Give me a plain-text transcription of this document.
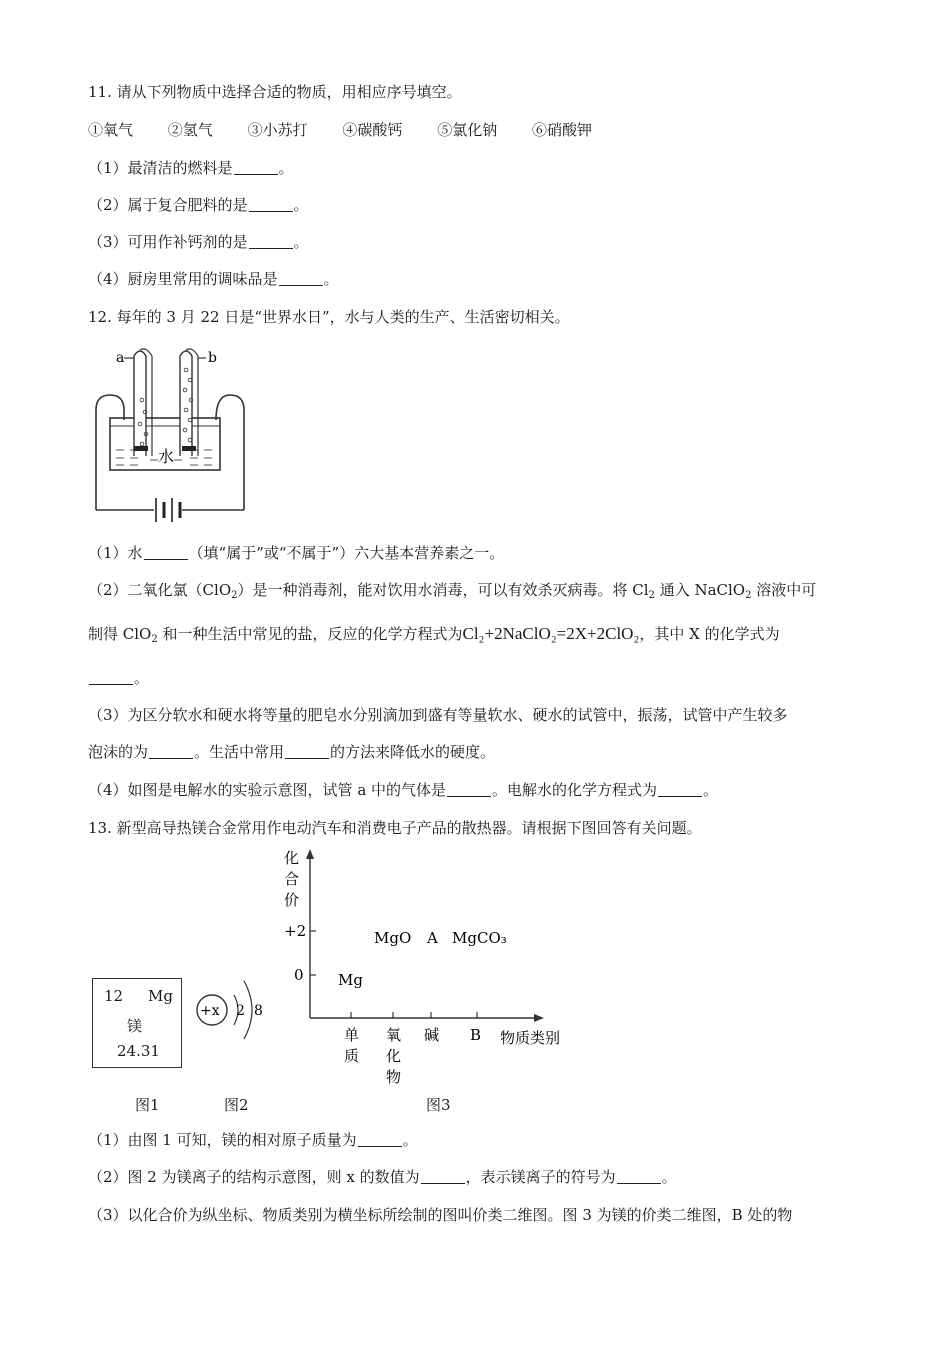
11. 请从下列物质中选择合适的物质，用相应序号填空。
①氧气 ②氢气 ③小苏打 ④碳酸钙 ⑤氯化钠 ⑥硝酸钾
（1）最清洁的燃料是	。
（2）属于复合肥料的是	。
（3）可用作补钙剂的是	。
（4）厨房里常用的调味品是	。
12. 每年的 3 月 22 日是“世界水日”，水与人类的生产、生活密切相关。
a	b
水
（1）水	（填“属于”或“不属于”）六大基本营养素之一。
（2）二氧化氯（ClO$_2$）是一种消毒剂，能对饮用水消毒，可以有效杀灭病毒。将 $Cl_2$ 通入 NaClO$_2$ 溶液中可
制得 ClO$_2$ 和一种生活中常见的盐，反应的化学方程式为Cl₂+2NaClO₂=2X+2ClO₂，其中 X 的化学式为
。
（3）为区分软水和硬水将等量的肥皂水分别滴加到盛有等量软水、硬水的试管中，振荡，试管中产生较多
泡沫的为	。生活中常用	的方法来降低水的硬度。
（4）如图是电解水的实验示意图，试管 a 中的气体是	。电解水的化学方程式为	。
13. 新型高导热镁合金常用作电动汽车和消费电子产品的散热器。请根据下图回答有关问题。
12 Mg
镁
24.31
图1
+x 2 8
图2
化
合
价
+2
0
单
质
氧
化
物
碱 B 物质类别
Mg
MgO A MgCO₃
图3
（1）由图 1 可知，镁的相对原子质量为	。
（2）图 2 为镁离子的结构示意图，则 x 的数值为	，表示镁离子的符号为	。
（3）以化合价为纵坐标、物质类别为横坐标所绘制的图叫价类二维图。图 3 为镁的价类二维图，B 处的物
